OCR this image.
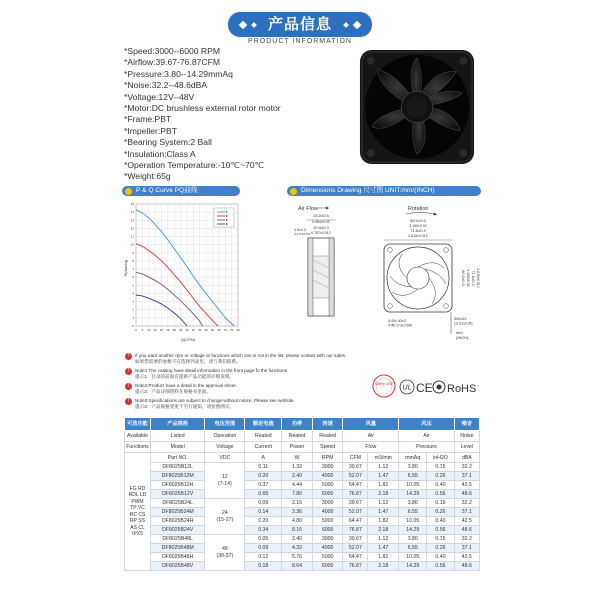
产品信息
PRODUCT INFORMATION
*Speed:3000--6000 RPM
*Airflow:39.67-76.87CFM
*Pressure:3.80--14.29mmAq
*Noise:32.2--48.6dBA
*Voltage:12V--48V
*Motor:DC brushless external rotor motor
*Frame:PBT
*Impeller:PBT
*Bearing System:2 Ball
*Insulation:Class A
*Operation Temperature:-10℃~70℃
*Weight:65g
P & Q Curve PQ曲线	Dimensions Drawing 尺寸图 UNIT:mm/(INCH)
0 5 10 15 20 25 30 35 40 45 50 55 60 65 70 75 80
0
1
2
3
4
5
6
7
8
9
10
11
12
13
14
15
P(mmAq)
Q(CFM)
Air Flow	Rotation
25.0±0.5
0.984±0.02
20.0±0.3
0.787±0.012
4.5±0.3
0.177±0.012
80.0±0.5
3.150±0.02
71.5±0.3
2.815±0.012
80.0±0.5 3.150±0.02 71.5±0.3 2.815±0.012
4-Φ4.40±2
4-Φ0.173±0.008
300±10
(11.81±0.39)
mm
(INCH)
!	If you want another rpm or voltage or functions which one is not in the list, please contact with our sales.
如果您需要的参数不在选择列表里，请与我们联系。
!	Note1:The catalog have detail information in the front page fo the functions.
提示1：目录的前面有提供产品功能的详细说明。
!	Note2:Product have a detail in the approval sheet.
提示2：产品详细资料在规格书里面。
!	Note3:Specifications are subject to change without notice, Please see website.
提示3：产品规格变更不另行通知，请参照网页。
Safety USE
UL CE RoHS
可选功能	产品规格	电压范围	额定电流	功率	转速	风量		风压		噪音
Available	Listed	Operation	Reated	Reated	Reated	Air		Air		Noise
Functions	Model	Voltage	Current	Power	Speed	Flow		Pressure		Level
FG RD RDL LD PWM TP VC RC CS RP SS AS CL IPX5	Part NO.	VDC	A	W	RPM	CFM	m3/min	mmAq	inH2O	dBA
	DF8025B12L	12
(7-14)	0.11	1.32	3000	39.67	1.12	3.80	0.15	32.2
	DF8025B12M		0.20	2.40	4000	52.07	1.47	6.55	0.26	37.1
	DF8025B12H		0.37	4.44	5000	64.47	1.82	10.05	0.40	42.5
	DF8025B12V		0.65	7.80	6000	76.87	2.18	14.29	0.56	48.6
	DF8025B24L	24
(15-27)	0.09	2.16	3000	39.67	1.12	3.80	0.15	32.2
	DF8025B24M		0.14	3.36	4000	52.07	1.47	6.55	0.26	37.1
	DF8025B24H		0.20	4.80	5000	64.47	1.82	10.05	0.40	42.5
	DF8025B24V		0.34	8.16	6000	76.87	2.18	14.29	0.56	48.6
	DF8025B48L	48
(30-57)	0.05	2.40	3000	39.67	1.12	3.80	0.15	32.2
	DF8025B48M		0.09	4.32	4000	52.07	1.47	6.55	0.26	37.1
	DF8025B48H		0.12	5.76	5000	64.47	1.82	10.05	0.40	42.5
	DF8025B48V		0.18	8.64	6000	76.87	2.18	14.29	0.56	48.6
